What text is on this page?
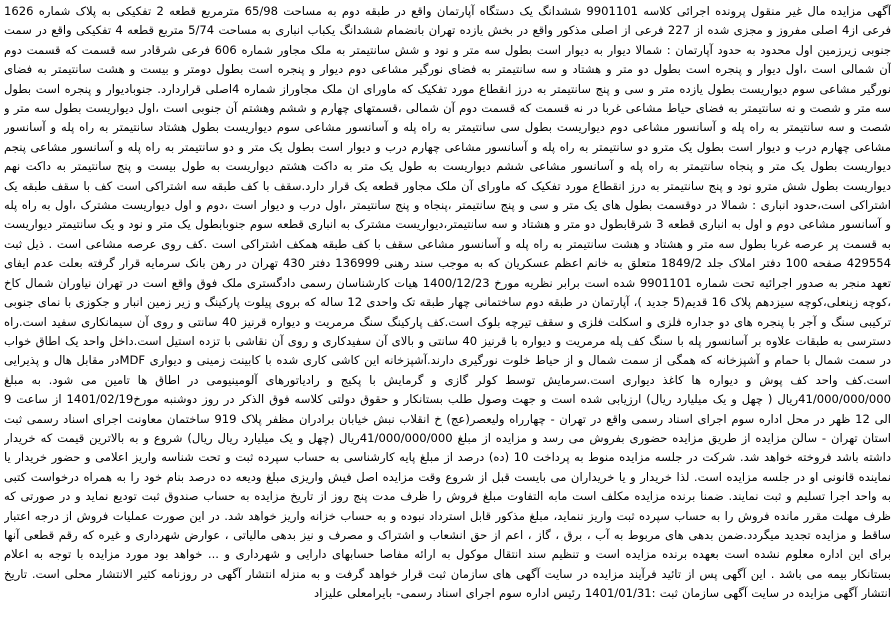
آگهی مزایده مال غیر منقول پرونده اجرائی کلاسه 9901101 ششدانگ یک دستگاه آپارتمان واقع در طبقه دوم به مساحت 65/98 مترمربع قطعه 2 تفکیکی به پلاک شماره 1626 فرعی از4 اصلی مفروز و مجزی شده از 227 فرعی از اصلی مذکور واقع در بخش یازده تهران بانضمام ششدانگ یکباب انباری به مساحت 5/74 متربع قطعه 4 تفکیکی واقع در سمت جنوبی زیرزمین اول محدود به حدود آپارتمان : شمالا دیوار به دیوار است بطول سه متر و نود و شش سانتیمتر به ملک مجاور شماره 606 فرعی شرقادر سه قسمت که قسمت دوم آن شمالی است ،اول دیوار و پنجره است بطول دو متر و هشتاد و سه سانتیمتر به فضای نورگیر مشاعی دوم دیوار و پنجره است بطول دومتر و بیست و هشت سانتیمتر به فضای نورگیر مشاعی سوم دیواریست بطول یازده متر و سی و پنج سانتیمتر به درز انقطاع مورد تفکیک که ماورای ان ملک مجاوراز شماره 4اصلی قراردارد. جنوبادیوار و پنجره است بطول سه متر و شصت و نه سانتیمتر به فضای حیاط مشاعی غربا در نه قسمت که قسمت دوم آن شمالی ،قسمتهای چهارم و ششم وهشتم آن جنوبی است ،اول دیواریست بطول سه متر و شصت و سه سانتیمتر به راه پله و آسانسور مشاعی دوم دیواریست بطول سی سانتیمتر به راه پله و آسانسور مشاعی سوم دیواریست بطول هشتاد سانتیمتر به راه پله و آسانسور مشاعی چهارم درب و دیوار است بطول یک مترو دو سانتیمتر به راه پله و آسانسور مشاعی چهارم درب و دیوار است بطول یک متر و دو سانتیمتر به راه پله و آسانسور مشاعی پنجم دیواریست بطول یک متر و پنجاه سانتیمتر به راه پله و آسانسور مشاعی ششم دیواریست به طول یک متر به داکت هشتم دیواریست به طول بیست و پنج سانتیمتر به داکت نهم دیواریست بطول شش مترو نود و پنج سانتیمتر به درز انقطاع مورد تفکیک که ماورای آن ملک مجاور قطعه یک قرار دارد.سقف با کف طبقه سه اشتراکی است کف با سقف طبقه یک اشتراکی است،حدود انباری : شمالا در دوقسمت بطول های یک متر و سی و پنج سانتیمتر ،پنجاه و پنج سانتیمتر ،اول درب و دیوار است ،دوم و اول دیواریست مشترک ،اول به راه پله و آسانسور مشاعی دوم و اول به انباری قطعه 3 شرقابطول دو متر و هشتاد و سه سانتیمتر،دیواریست مشترک به انباری قطعه سوم جنوبابطول یک متر و نود و یک سانتیمتر دیواریست به قسمت پر عرصه غربا بطول سه متر و هشتاد و هشت سانتیمتر به راه پله و آسانسور مشاعی سقف با کف طبقه همکف اشتراکی است .کف روی عرصه مشاعی است . ذیل ثبت 429554 صفحه 100 دفتر املاک جلد 1849/2 متعلق به خانم اعظم عسکریان که به موجب سند رهنی 136999 دفتر 430 تهران در رهن بانک سرمایه قرار گرفته بعلت عدم ایفای تعهد منجر به صدور اجرائیه تحت شماره 9901101 شده است برابر نظریه مورخ 1400/12/23 هیات کارشناسان رسمی دادگستری ملک فوق واقع است در تهران نیاوران شمال کاخ ،کوچه زینعلی،کوچه سیزدهم پلاک 16 قدیم(5 جدید )، آپارتمان در طبقه دوم ساختمانی چهار طبقه تک واحدی 12 ساله که بروی پیلوت پارکینگ و زیر زمین انبار و جکوزی با نمای جنوبی ترکیبی سنگ و آجر با پنجره های دو جداره فلزی و اسکلت فلزی و سقف تیرچه بلوک است.کف پارکینگ سنگ مرمریت و دیواره قرنیز 40 سانتی و روی آن سیمانکاری سفید است.راه دسترسی به طبقات علاوه بر آسانسور پله با سنگ کف پله مرمریت و دیواره با قرنیز 40 سانتی و بالای آن سفیدکاری و روی آن نقاشی با تزده استیل است.داخل واحد یک اطاق خواب در سمت شمال با حمام و آشپزخانه که همگی از سمت شمال و از حیاط خلوت نورگیری دارند.آشپزخانه این کاشی کاری شده با کابینت زمینی و دیواری MDFدر مقابل هال و پذیرایی است.کف واحد کف پوش و دیواره ها کاغذ دیواری است.سرمایش توسط کولر گازی و گرمایش با پکیج و رادیاتورهای آلومینیومی در اطاق ها تامین می شود. به مبلغ 41/000/000/000ریال ( چهل و یک میلیارد ریال) ارزیابی شده است و جهت وصول طلب بستانکار و حقوق دولتی کلاسه فوق الذکر در روز دوشنبه مورخ1401/02/19 از ساعت 9 الی 12 ظهر در محل اداره سوم اجرای اسناد رسمی واقع در تهران - چهارراه ولیعصر(عج) خ انقلاب نبش خیابان برادران مظفر پلاک 919 ساختمان معاونت اجرای اسناد رسمی ثبت استان تهران - سالن مزایده از طریق مزایده حضوری بفروش می رسد و مزایده از مبلغ 41/000/000/000ریال (چهل و یک میلیارد ریال ریال) شروع و به بالاترین قیمت که خریدار داشته باشد فروخته خواهد شد. شرکت در جلسه مزایده منوط به پرداخت 10 (ده) درصد از مبلغ پایه کارشناسی به حساب سپرده ثبت و تحت شناسه واریز اعلامی و حضور خریدار یا نماینده قانونی او در جلسه مزایده است. لذا خریدار و یا خریداران می بایست قبل از شروع وقت مزایده اصل فیش واریزی مبلغ ودیعه ده درصد بنام خود را به همراه درخواست کتبی به واحد اجرا تسلیم و ثبت نمایند. ضمنا برنده مزایده مکلف است مابه التفاوت مبلغ فروش را ظرف مدت پنج روز از تاریخ مزایده به حساب صندوق ثبت تودیع نماید و در صورتی که ظرف مهلت مقرر مانده فروش را به حساب سپرده ثبت واریز ننماید، مبلغ مذکور قابل استرداد نبوده و به حساب خزانه واریز خواهد شد. در این صورت عملیات فروش از درجه اعتبار ساقط و مزایده تجدید میگردد.ضمن بدهی های مربوط به آب ، برق ، گاز ، اعم از حق انشعاب و اشتراک و مصرف و نیز بدهی مالیاتی ، عوارض شهرداری و غیره که رقم قطعی آنها برای این اداره معلوم نشده است بعهده برنده مزایده است و تنظیم سند انتقال موکول به ارائه مفاصا حسابهای دارایی و شهرداری و ... خواهد بود مورد مزایده با توجه به اعلام بستانکار بیمه می باشد . این آگهی پس از تائید فرآیند مزایده در سایت آگهی های سازمان ثبت قرار خواهد گرفت و به منزله انتشار آگهی در روزنامه کثیر الانتشار محلی است. تاریخ انتشار آگهی مزایده در سایت آگهی سازمان ثبت :1401/01/31 رئیس اداره سوم اجرای اسناد رسمی- بایرامعلی علیزاد
